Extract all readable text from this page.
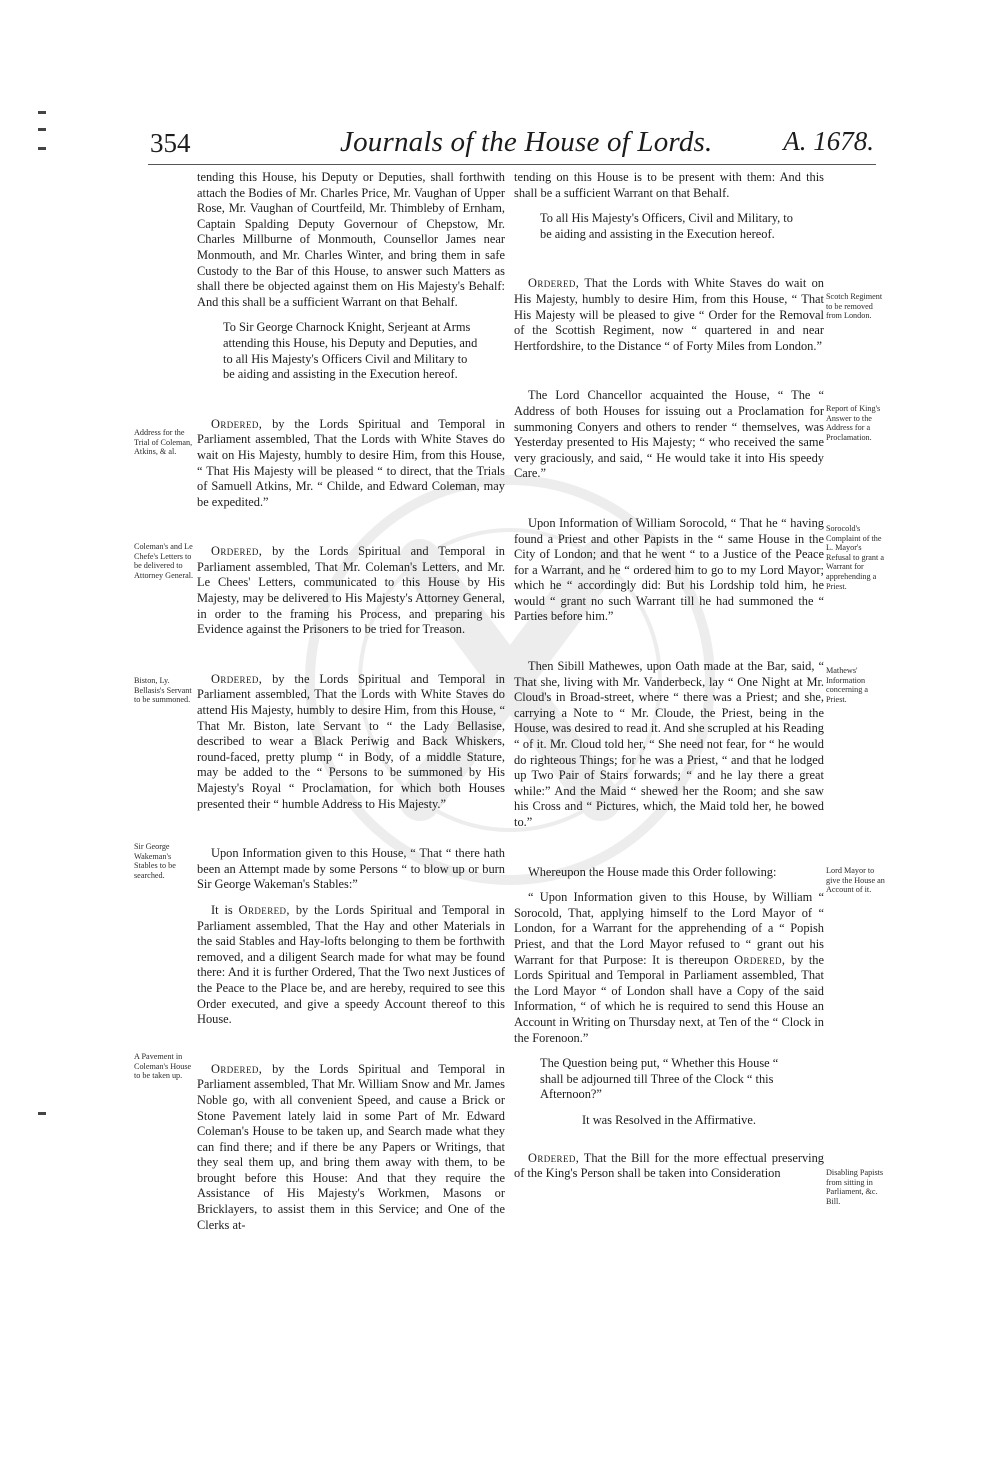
354	Journals of the House of Lords.	A. 1678.

tending this House, his Deputy or Deputies, shall forthwith attach the Bodies of Mr. Charles Price, Mr. Vaughan of Upper Rose, Mr. Vaughan of Courtfeild, Mr. Thimbleby of Ernham, Captain Spalding Deputy Governour of Chepstow, Mr. Charles Millburne of Monmouth, Counsellor James near Monmouth, and Mr. Charles Winter, and bring them in safe Custody to the Bar of this House, to answer such Matters as shall there be objected against them on His Majesty's Behalf: And this shall be a sufficient Warrant on that Behalf.

To Sir George Charnock Knight, Serjeant at Arms attending this House, his Deputy and Deputies, and to all His Majesty's Officers Civil and Military to be aiding and assisting in the Execution hereof.

Ordered, by the Lords Spiritual and Temporal in Parliament assembled, That the Lords with White Staves do wait on His Majesty, humbly to desire Him, from this House, “ That His Majesty will be pleased “ to direct, that the Trials of Samuell Atkins, Mr. “ Childe, and Edward Coleman, may be expedited.”

Ordered, by the Lords Spiritual and Temporal in Parliament assembled, That Mr. Coleman's Letters, and Mr. Le Chees' Letters, communicated to this House by His Majesty, may be delivered to His Majesty's Attorney General, in order to the framing his Process, and preparing his Evidence against the Prisoners to be tried for Treason.

Ordered, by the Lords Spiritual and Temporal in Parliament assembled, That the Lords with White Staves do attend His Majesty, humbly to desire Him, from this House, “ That Mr. Biston, late Servant to “ the Lady Bellasise, described to wear a Black Periwig and Back Whiskers, round-faced, pretty plump “ in Body, of a middle Stature, may be added to the “ Persons to be summoned by His Majesty's Royal “ Proclamation, for which both Houses presented their “ humble Address to His Majesty.”

Upon Information given to this House, “ That “ there hath been an Attempt made by some Persons “ to blow up or burn Sir George Wakeman's Stables:”

It is Ordered, by the Lords Spiritual and Temporal in Parliament assembled, That the Hay and other Materials in the said Stables and Hay-lofts belonging to them be forthwith removed, and a diligent Search made for what may be found there: And it is further Ordered, That the Two next Justices of the Peace to the Place be, and are hereby, required to see this Order executed, and give a speedy Account thereof to this House.

Ordered, by the Lords Spiritual and Temporal in Parliament assembled, That Mr. William Snow and Mr. James Noble go, with all convenient Speed, and cause a Brick or Stone Pavement lately laid in some Part of Mr. Edward Coleman's House to be taken up, and Search made what they can find there; and if there be any Papers or Writings, that they seal them up, and bring them away with them, to be brought before this House: And that they require the Assistance of His Majesty's Workmen, Masons or Bricklayers, to assist them in this Service; and One of the Clerks at-

tending on this House is to be present with them: And this shall be a sufficient Warrant on that Behalf.

To all His Majesty's Officers, Civil and Military, to be aiding and assisting in the Execution hereof.

Ordered, That the Lords with White Staves do wait on His Majesty, humbly to desire Him, from this House, “ That His Majesty will be pleased to give “ Order for the Removal of the Scottish Regiment, now “ quartered in and near Hertfordshire, to the Distance “ of Forty Miles from London.”

The Lord Chancellor acquainted the House, “ The “ Address of both Houses for issuing out a Proclamation for summoning Conyers and others to render “ themselves, was Yesterday presented to His Majesty; “ who received the same very graciously, and said, “ He would take it into His speedy Care.”

Upon Information of William Sorocold, “ That he “ having found a Priest and other Papists in the “ same House in the City of London; and that he went “ to a Justice of the Peace for a Warrant, and he “ ordered him to go to my Lord Mayor; which he “ accordingly did: But his Lordship told him, he would “ grant no such Warrant till he had summoned the “ Parties before him.”

Then Sibill Mathewes, upon Oath made at the Bar, said, “ That she, living with Mr. Vanderbeck, lay “ One Night at Mr. Cloud's in Broad-street, where “ there was a Priest; and she, carrying a Note to “ Mr. Cloude, the Priest, being in the House, was desired to read it. And she scrupled at his Reading “ of it. Mr. Cloud told her, “ She need not fear, for “ he would do righteous Things; for he was a Priest, “ and that he lodged up Two Pair of Stairs forwards; “ and he lay there a great while:” And the Maid “ shewed her the Room; and she saw his Cross and “ Pictures, which, the Maid told her, he bowed to.”

Whereupon the House made this Order following:

“ Upon Information given to this House, by William “ Sorocold, That, applying himself to the Lord Mayor of “ London, for a Warrant for the apprehending of a “ Popish Priest, and that the Lord Mayor refused to “ grant out his Warrant for that Purpose: It is thereupon Ordered, by the Lords Spiritual and Temporal in Parliament assembled, That the Lord Mayor “ of London shall have a Copy of the said Information, “ of which he is required to send this House an Account in Writing on Thursday next, at Ten of the “ Clock in the Forenoon.”

The Question being put, “ Whether this House “ shall be adjourned till Three of the Clock “ this Afternoon?”

It was Resolved in the Affirmative.

Ordered, That the Bill for the more effectual preserving of the King's Person shall be taken into Consideration

Address for the Trial of Coleman, Atkins, & al.
Coleman's and Le Chefe's Letters to be delivered to Attorney General.
Biston, Ly. Bellasis's Servant to be summoned.
Sir George Wakeman's Stables to be searched.
A Pavement in Coleman's House to be taken up.
Scotch Regiment to be removed from London.
Report of King's Answer to the Address for a Proclamation.
Sorocold's Complaint of the L. Mayor's Refusal to grant a Warrant for apprehending a Priest.
Mathews' Information concerning a Priest.
Lord Mayor to give the House an Account of it.
Disabling Papists from sitting in Parliament, &c. Bill.
